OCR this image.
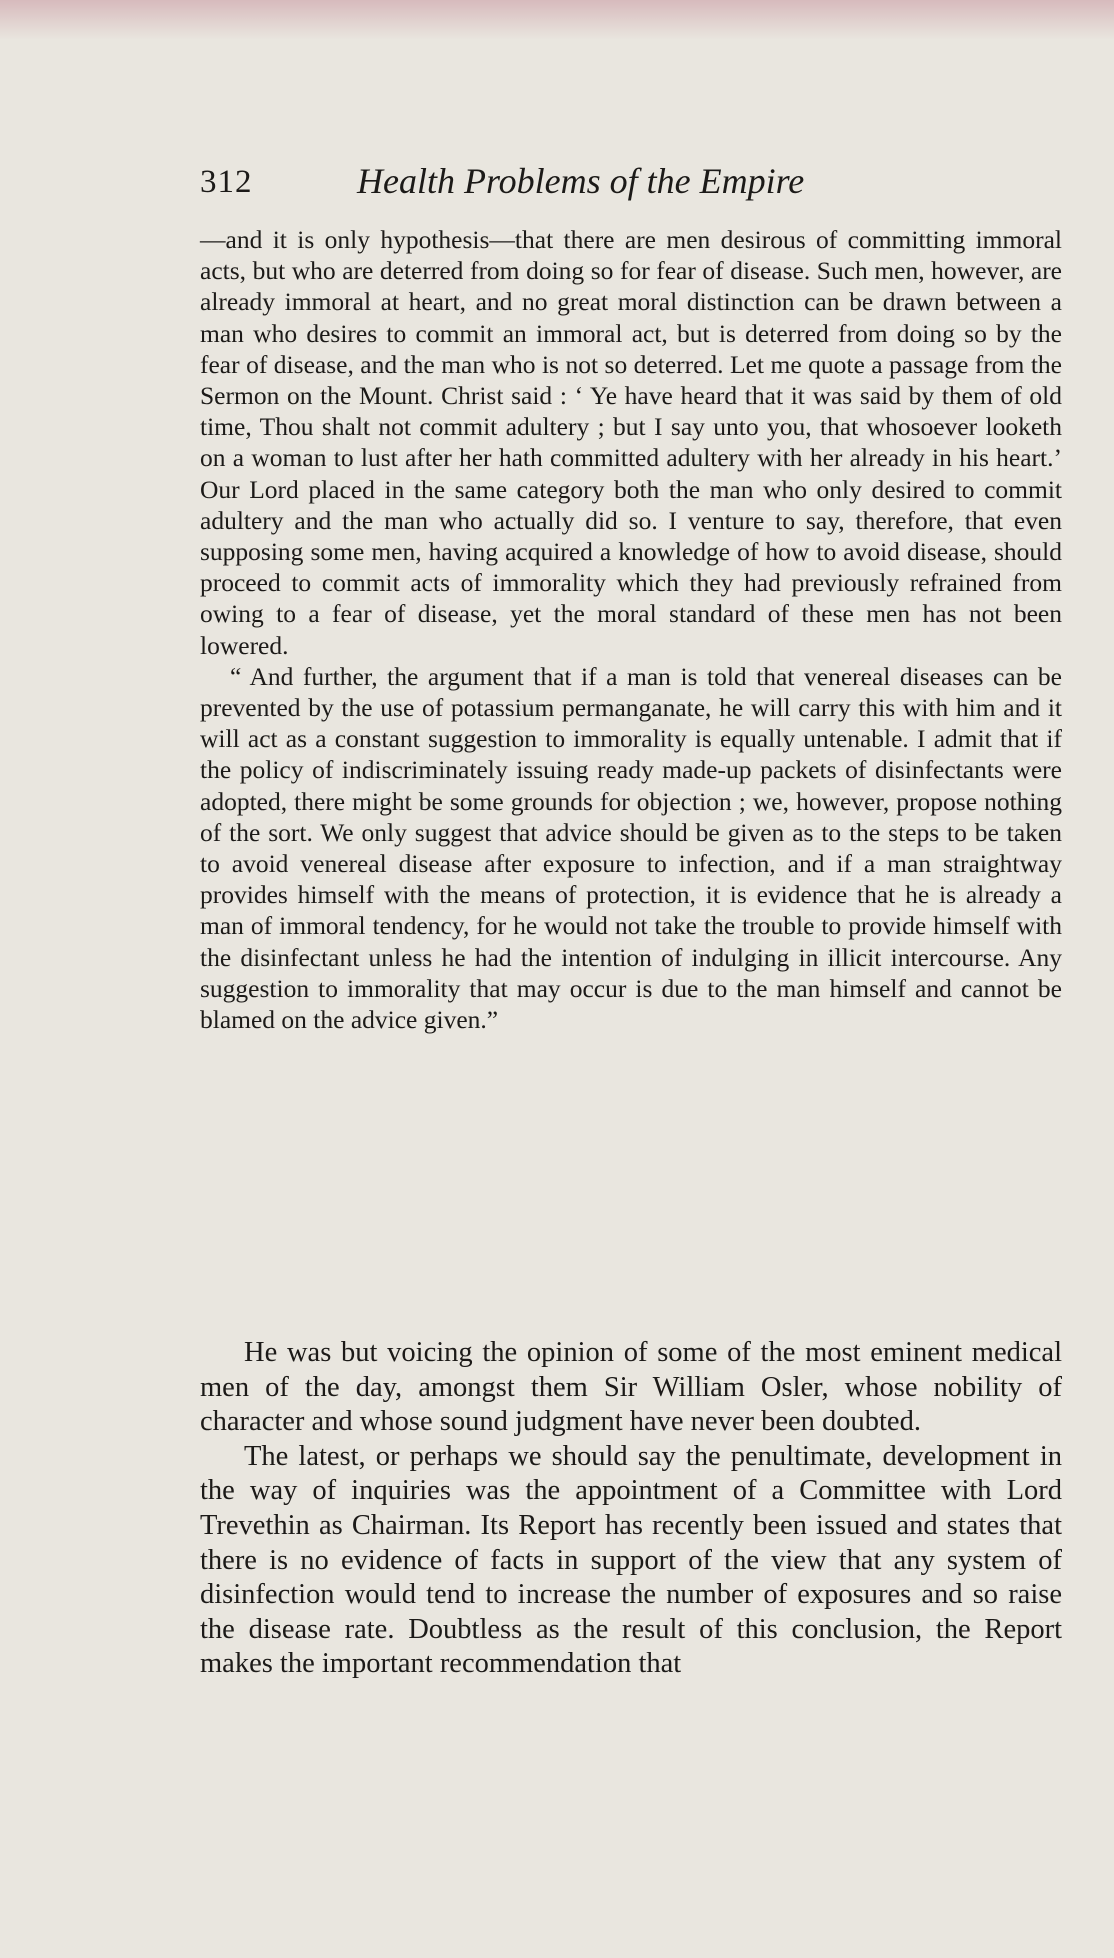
312	Health Problems of the Empire

—and it is only hypothesis—that there are men desirous of committing immoral acts, but who are deterred from doing so for fear of disease. Such men, however, are already immoral at heart, and no great moral distinction can be drawn between a man who desires to commit an immoral act, but is deterred from doing so by the fear of disease, and the man who is not so deterred. Let me quote a passage from the Sermon on the Mount. Christ said : ‘ Ye have heard that it was said by them of old time, Thou shalt not commit adultery ; but I say unto you, that whosoever looketh on a woman to lust after her hath committed adultery with her already in his heart.’ Our Lord placed in the same category both the man who only desired to commit adultery and the man who actually did so. I venture to say, therefore, that even supposing some men, having acquired a knowledge of how to avoid disease, should proceed to commit acts of immorality which they had previously refrained from owing to a fear of disease, yet the moral standard of these men has not been lowered.

“ And further, the argument that if a man is told that venereal diseases can be prevented by the use of potassium permanganate, he will carry this with him and it will act as a constant suggestion to immorality is equally untenable. I admit that if the policy of indiscriminately issuing ready made-up packets of disinfectants were adopted, there might be some grounds for objection ; we, however, propose nothing of the sort. We only suggest that advice should be given as to the steps to be taken to avoid venereal disease after exposure to infection, and if a man straightway provides himself with the means of protection, it is evidence that he is already a man of immoral tendency, for he would not take the trouble to provide himself with the disinfectant unless he had the intention of indulging in illicit intercourse. Any suggestion to immorality that may occur is due to the man himself and cannot be blamed on the advice given.”

He was but voicing the opinion of some of the most eminent medical men of the day, amongst them Sir William Osler, whose nobility of character and whose sound judgment have never been doubted.

The latest, or perhaps we should say the penultimate, development in the way of inquiries was the appointment of a Committee with Lord Trevethin as Chairman. Its Report has recently been issued and states that there is no evidence of facts in support of the view that any system of disinfection would tend to increase the number of exposures and so raise the disease rate. Doubtless as the result of this conclusion, the Report makes the important recommendation that
